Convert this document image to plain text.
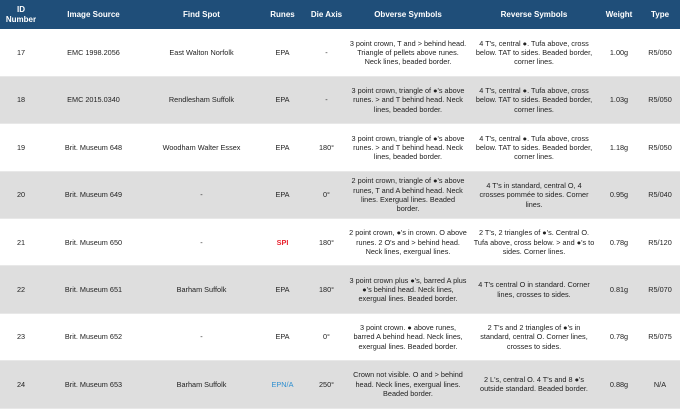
ID Number	Image Source	Find Spot	Runes	Die Axis	Obverse Symbols	Reverse Symbols	Weight	Type
17	EMC 1998.2056	East Walton Norfolk	EPA	-	3 point crown, T and > behind head. Triangle of pellets above runes. Neck lines, beaded border.	4 T's, central ●. Tufa above, cross below. TAT to sides. Beaded border, corner lines.	1.00g	R5/050
18	EMC 2015.0340	Rendlesham Suffolk	EPA	-	3 point crown, triangle of ●'s above runes. > and T behind head. Neck lines, beaded border.	4 T's, central ●. Tufa above, cross below. TAT to sides. Beaded border, corner lines.	1.03g	R5/050
19	Brit. Museum 648	Woodham Walter Essex	EPA	180°	3 point crown, triangle of ●'s above runes. > and T behind head. Neck lines, beaded border.	4 T's, central ●. Tufa above, cross below. TAT to sides. Beaded border, corner lines.	1.18g	R5/050
20	Brit. Museum 649	-	EPA	0°	2 point crown, triangle of ●'s above runes, T and A behind head. Neck lines. Exergual lines. Beaded border.	4 T's in standard, central O, 4 crosses pommée to sides. Corner lines.	0.95g	R5/040
21	Brit. Museum 650	-	SPI	180°	2 point crown, ●'s in crown. O above runes. 2 O's and > behind head. Neck lines, exergual lines.	2 T's, 2 triangles of ●'s. Central O. Tufa above, cross below. > and ●'s to sides. Corner lines.	0.78g	R5/120
22	Brit. Museum 651	Barham Suffolk	EPA	180°	3 point crown plus ●'s, barred A plus ●'s behind head. Neck lines, exergual lines. Beaded border.	4 T's central O in standard. Corner lines, crosses to sides.	0.81g	R5/070
23	Brit. Museum 652	-	EPA	0°	3 point crown. ● above runes, barred A behind head. Neck lines, exergual lines. Beaded border.	2 T's and 2 triangles of ●'s in standard, central O. Corner lines, crosses to sides.	0.78g	R5/075
24	Brit. Museum 653	Barham Suffolk	EPN/A	250°	Crown not visible. O and > behind head. Neck lines, exergual lines. Beaded border.	2 L's, central O. 4 T's and 8 ●'s outside standard. Beaded border.	0.88g	N/A
